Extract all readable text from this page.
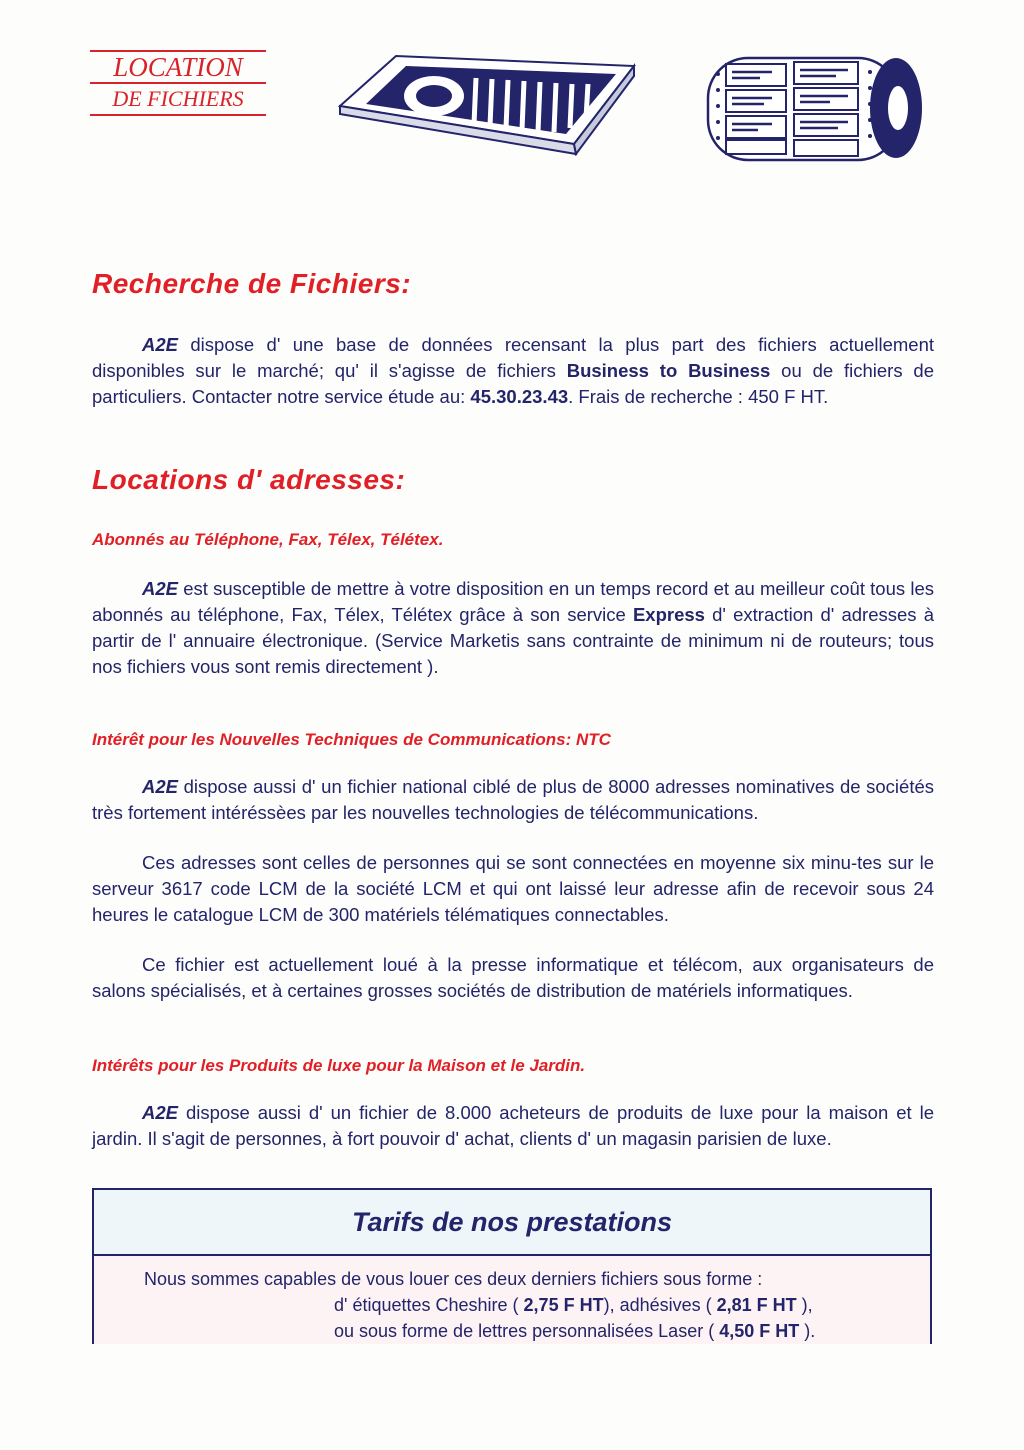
LOCATION
DE FICHIERS
Recherche de Fichiers:

A2E dispose d' une base de données recensant la plus part des fichiers actuellement disponibles sur le marché; qu' il s'agisse de fichiers Business to Business ou de fichiers de particuliers. Contacter notre service étude au: 45.30.23.43. Frais de recherche : 450 F HT.

Locations d' adresses:
Abonnés au Téléphone, Fax, Télex, Télétex.

A2E est susceptible de mettre à votre disposition en un temps record et au meilleur coût tous les abonnés au téléphone, Fax, Télex, Télétex grâce à son service Express d' extraction d' adresses à partir de l' annuaire électronique. (Service Marketis sans contrainte de minimum ni de routeurs; tous nos fichiers vous sont remis directement ).

Intérêt pour les Nouvelles Techniques de Communications: NTC

A2E dispose aussi d' un fichier national ciblé de plus de 8000 adresses nominatives de sociétés très fortement intéréssèes par les nouvelles technologies de télécommunications.

Ces adresses sont celles de personnes qui se sont connectées en moyenne six minu-tes sur le serveur 3617 code LCM de la société LCM et qui ont laissé leur adresse afin de recevoir sous 24 heures le catalogue LCM de 300 matériels télématiques connectables.

Ce fichier est actuellement loué à la presse informatique et télécom, aux organisateurs de salons spécialisés, et à certaines grosses sociétés de distribution de matériels informatiques.

Intérêts pour les Produits de luxe pour la Maison et le Jardin.

A2E dispose aussi d' un fichier de 8.000 acheteurs de produits de luxe pour la maison et le jardin. Il s'agit de personnes, à fort pouvoir d' achat, clients d' un magasin parisien de luxe.

Tarifs de nos prestations
Nous sommes capables de vous louer ces deux derniers fichiers sous forme :
d' étiquettes Cheshire ( 2,75 F HT), adhésives ( 2,81 F HT ),
ou sous forme de lettres personnalisées Laser ( 4,50 F HT ).
